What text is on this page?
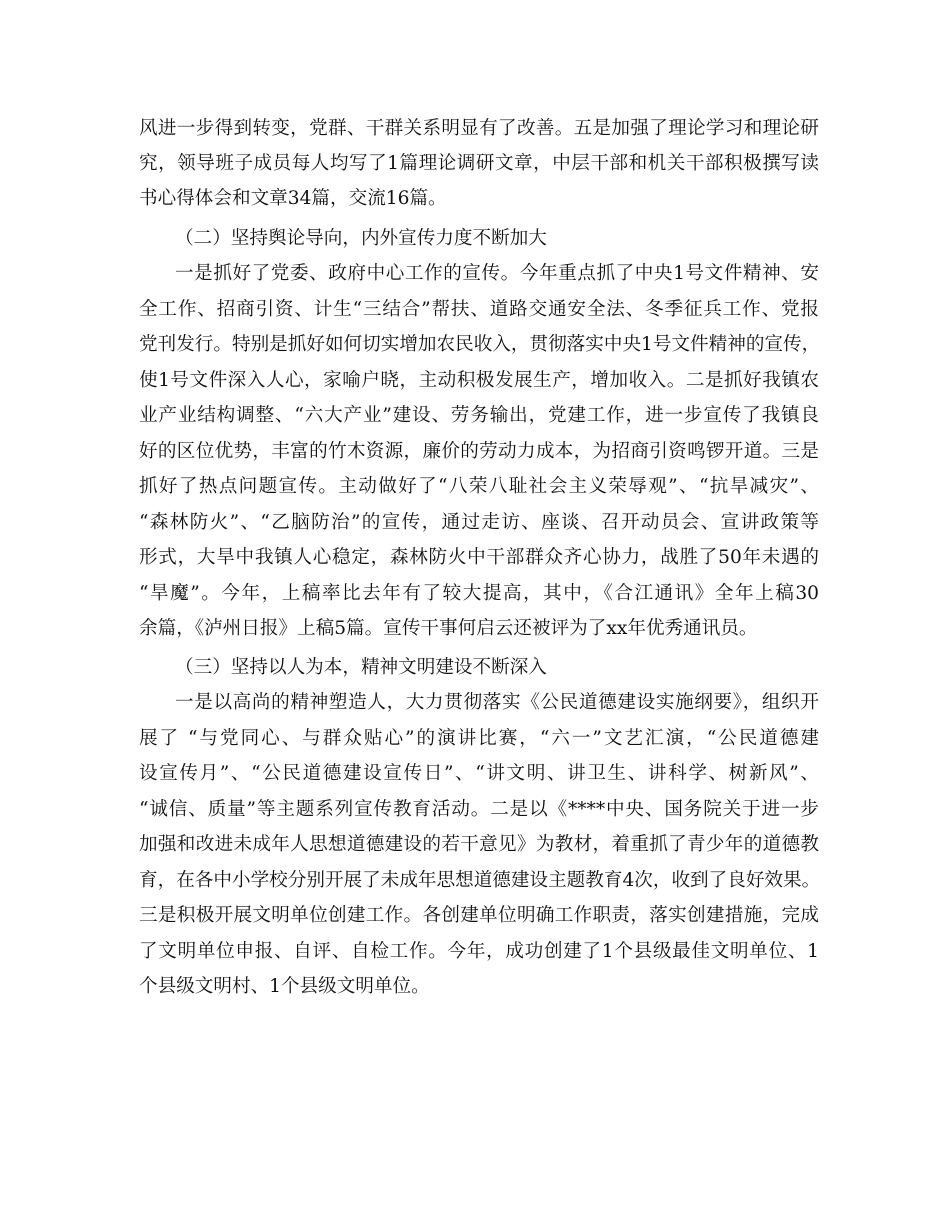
风进一步得到转变，党群、干群关系明显有了改善。五是加强了理论学习和理论研
究，领导班子成员每人均写了1篇理论调研文章，中层干部和机关干部积极撰写读
书心得体会和文章34篇，交流16篇。
（二）坚持舆论导向，内外宣传力度不断加大
一是抓好了党委、政府中心工作的宣传。今年重点抓了中央1号文件精神、安
全工作、招商引资、计生“三结合”帮扶、道路交通安全法、冬季征兵工作、党报
党刊发行。特别是抓好如何切实增加农民收入，贯彻落实中央1号文件精神的宣传，
使1号文件深入人心，家喻户晓，主动积极发展生产，增加收入。二是抓好我镇农
业产业结构调整、“六大产业”建设、劳务输出，党建工作，进一步宣传了我镇良
好的区位优势，丰富的竹木资源，廉价的劳动力成本，为招商引资鸣锣开道。三是
抓好了热点问题宣传。主动做好了“八荣八耻社会主义荣辱观”、“抗旱减灾”、
“森林防火”、“乙脑防治”的宣传，通过走访、座谈、召开动员会、宣讲政策等
形式，大旱中我镇人心稳定，森林防火中干部群众齐心协力，战胜了50年未遇的
“旱魔”。今年，上稿率比去年有了较大提高，其中，《合江通讯》全年上稿30
余篇，《泸州日报》上稿5篇。宣传干事何启云还被评为了xx年优秀通讯员。
（三）坚持以人为本，精神文明建设不断深入
一是以高尚的精神塑造人，大力贯彻落实《公民道德建设实施纲要》，组织开
展了 “与党同心、与群众贴心”的演讲比赛，“六一”文艺汇演，“公民道德建
设宣传月”、“公民道德建设宣传日”、“讲文明、讲卫生、讲科学、树新风”、
“诚信、质量”等主题系列宣传教育活动。二是以《****中央、国务院关于进一步
加强和改进未成年人思想道德建设的若干意见》为教材，着重抓了青少年的道德教
育，在各中小学校分别开展了未成年思想道德建设主题教育4次，收到了良好效果。
三是积极开展文明单位创建工作。各创建单位明确工作职责，落实创建措施，完成
了文明单位申报、自评、自检工作。今年，成功创建了1个县级最佳文明单位、1
个县级文明村、1个县级文明单位。
